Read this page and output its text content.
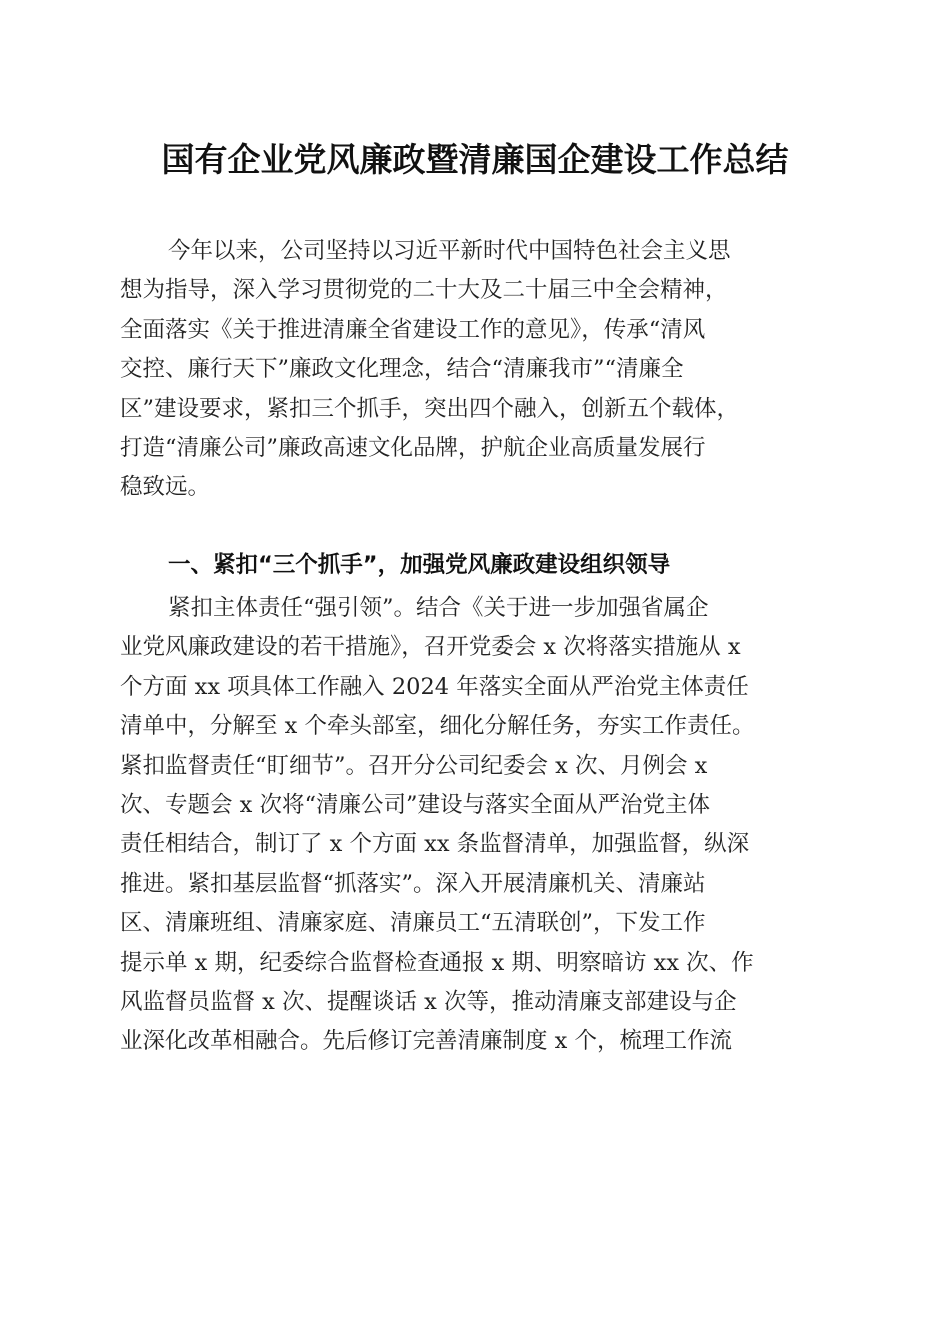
国有企业党风廉政暨清廉国企建设工作总结
今年以来，公司坚持以习近平新时代中国特色社会主义思
想为指导，深入学习贯彻党的二十大及二十届三中全会精神，
全面落实《关于推进清廉全省建设工作的意见》，传承“清风
交控、廉行天下”廉政文化理念，结合“清廉我市”“清廉全
区”建设要求，紧扣三个抓手，突出四个融入，创新五个载体，
打造“清廉公司”廉政高速文化品牌，护航企业高质量发展行
稳致远。
一、紧扣“三个抓手”，加强党风廉政建设组织领导
紧扣主体责任“强引领”。结合《关于进一步加强省属企
业党风廉政建设的若干措施》，召开党委会 x 次将落实措施从 x
个方面 xx 项具体工作融入 2024 年落实全面从严治党主体责任
清单中，分解至 x 个牵头部室，细化分解任务，夯实工作责任。
紧扣监督责任“盯细节”。召开分公司纪委会 x 次、月例会 x
次、专题会 x 次将“清廉公司”建设与落实全面从严治党主体
责任相结合，制订了 x 个方面 xx 条监督清单，加强监督，纵深
推进。紧扣基层监督“抓落实”。深入开展清廉机关、清廉站
区、清廉班组、清廉家庭、清廉员工“五清联创”，下发工作
提示单 x 期，纪委综合监督检查通报 x 期、明察暗访 xx 次、作
风监督员监督 x 次、提醒谈话 x 次等，推动清廉支部建设与企
业深化改革相融合。先后修订完善清廉制度 x 个，梳理工作流
